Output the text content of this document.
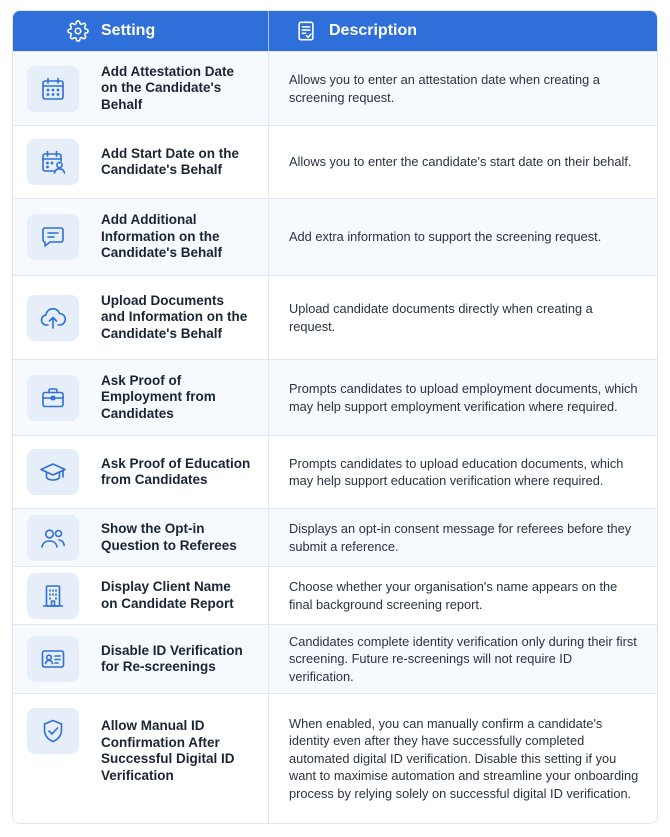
Setting	Description
Add Attestation Date on the Candidate's Behalf
Allows you to enter an attestation date when creating a screening request.
Add Start Date on the Candidate's Behalf
Allows you to enter the candidate's start date on their behalf.
Add Additional Information on the Candidate's Behalf
Add extra information to support the screening request.
Upload Documents and Information on the Candidate's Behalf
Upload candidate documents directly when creating a request.
Ask Proof of Employment from Candidates
Prompts candidates to upload employment documents, which may help support employment verification where required.
Ask Proof of Education from Candidates
Prompts candidates to upload education documents, which may help support education verification where required.
Show the Opt-in Question to Referees
Displays an opt-in consent message for referees before they submit a reference.
Display Client Name on Candidate Report
Choose whether your organisation's name appears on the final background screening report.
Disable ID Verification for Re-screenings
Candidates complete identity verification only during their first screening. Future re-screenings will not require ID verification.
Allow Manual ID Confirmation After Successful Digital ID Verification
When enabled, you can manually confirm a candidate's identity even after they have successfully completed automated digital ID verification. Disable this setting if you want to maximise automation and streamline your onboarding process by relying solely on successful digital ID verification.
